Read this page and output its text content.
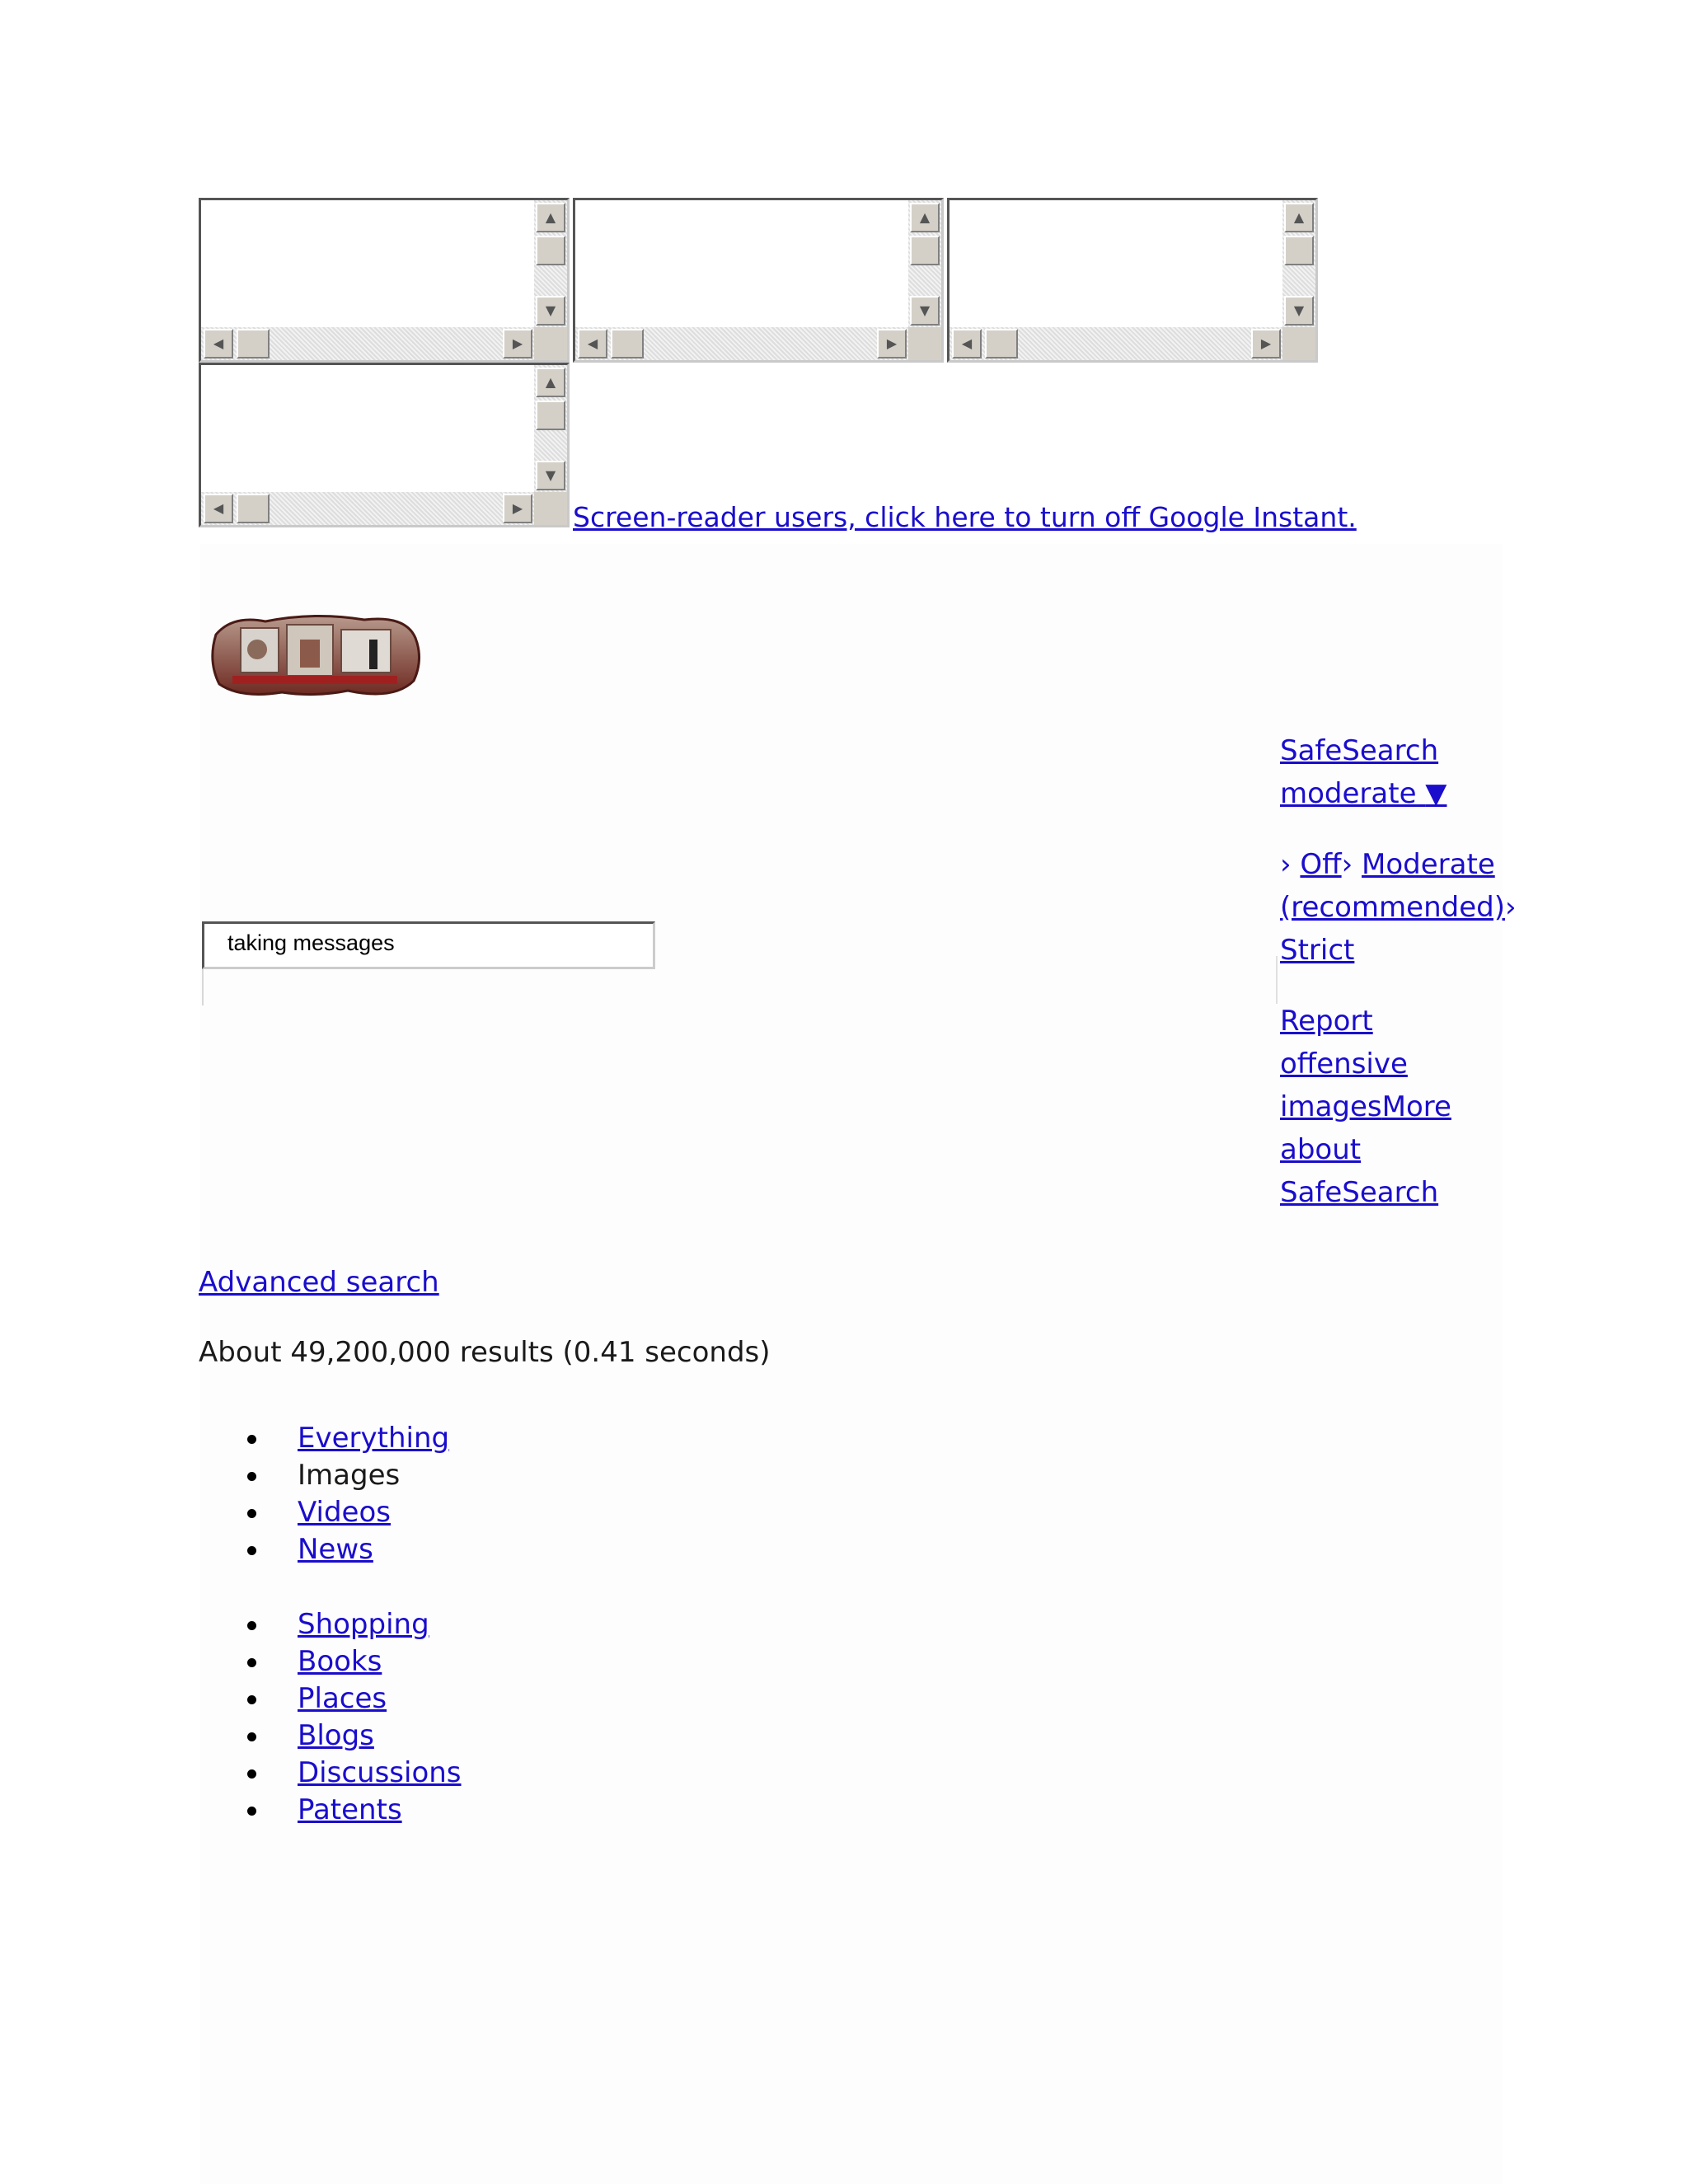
▲
▼
◀	▶
▲
▼
◀	▶
▲
▼
◀	▶
▲
▼
◀	▶	Screen-reader users, click here to turn off Google Instant.
SafeSearch
moderate ▼
› Off› Moderate (recommended)› Strict
Report offensive imagesMore about SafeSearch
taking messages
Advanced search
About 49,200,000 results (0.41 seconds)
Everything
Images
Videos
News
Shopping
Books
Places
Blogs
Discussions
Patents
